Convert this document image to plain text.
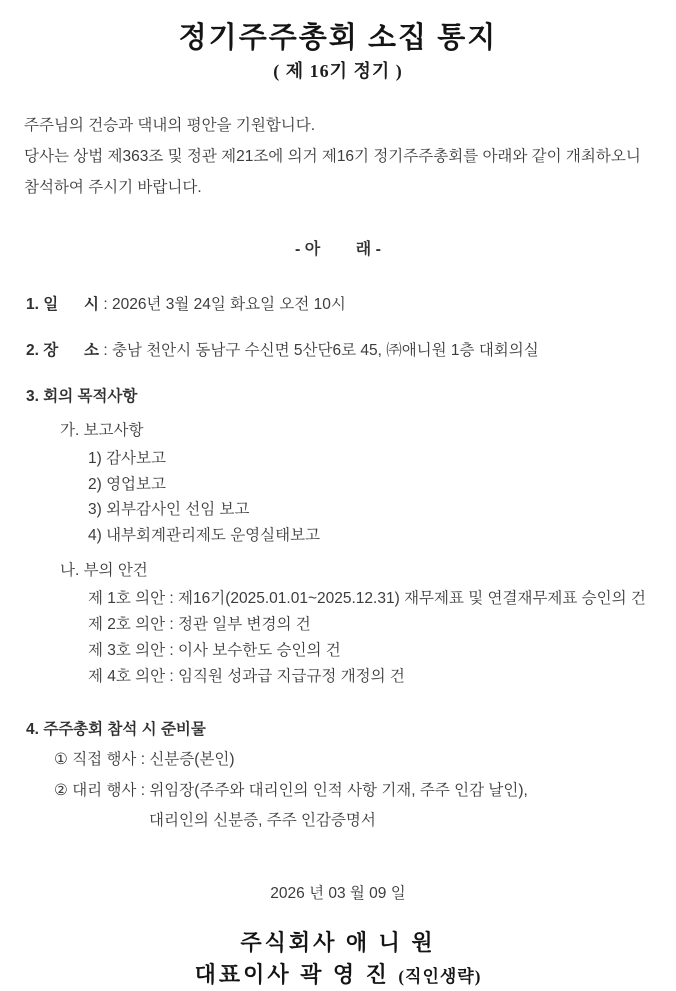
정기주주총회 소집 통지
( 제 16기 정기 )
주주님의 건승과 댁내의 평안을 기원합니다.
당사는 상법 제363조 및 정관 제21조에 의거 제16기 정기주주총회를 아래와 같이 개최하오니
참석하여 주시기 바랍니다.
- 아        래 -
1. 일      시 : 2026년 3월 24일 화요일 오전 10시
2. 장      소 : 충남 천안시 동남구 수신면 5산단6로 45, ㈜애니원 1층 대회의실
3. 회의 목적사항
가. 보고사항
1) 감사보고
2) 영업보고
3) 외부감사인 선임 보고
4) 내부회계관리제도 운영실태보고
나. 부의 안건
제 1호 의안 : 제16기(2025.01.01~2025.12.31) 재무제표 및 연결재무제표 승인의 건
제 2호 의안 : 정관 일부 변경의 건
제 3호 의안 : 이사 보수한도 승인의 건
제 4호 의안 : 임직원 성과급 지급규정 개정의 건
4. 주주총회 참석 시 준비물
① 직접 행사 : 신분증(본인)
② 대리 행사 : 위임장(주주와 대리인의 인적 사항 기재, 주주 인감 날인),
대리인의 신분증, 주주 인감증명서
2026 년 03 월 09 일
주식회사 애 니 원
대표이사 곽 영 진 (직인생략)
